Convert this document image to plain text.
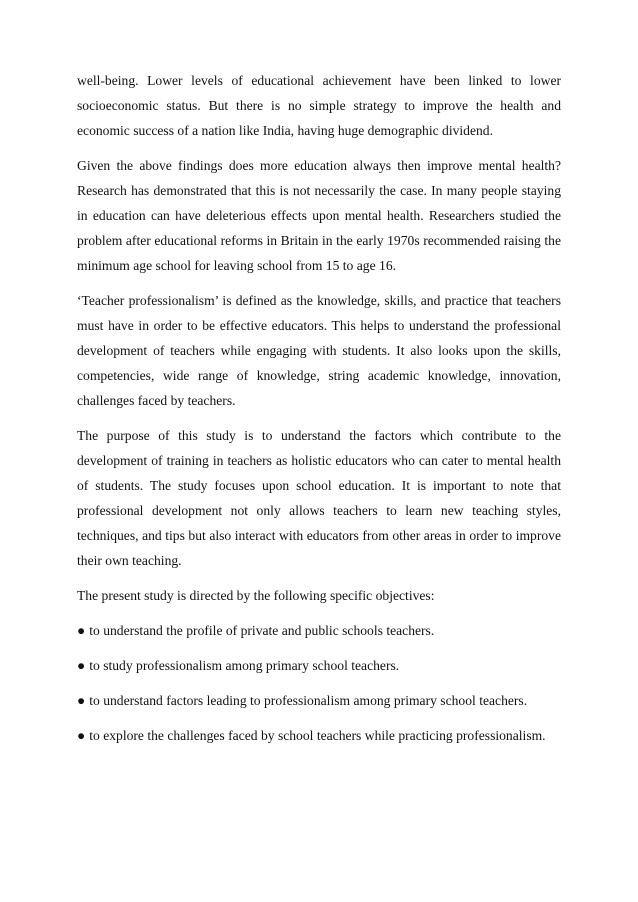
well-being. Lower levels of educational achievement have been linked to lower socioeconomic status. But there is no simple strategy to improve the health and economic success of a nation like India, having huge demographic dividend.

Given the above findings does more education always then improve mental health? Research has demonstrated that this is not necessarily the case. In many people staying in education can have deleterious effects upon mental health. Researchers studied the problem after educational reforms in Britain in the early 1970s recommended raising the minimum age school for leaving school from 15 to age 16.

‘Teacher professionalism’ is defined as the knowledge, skills, and practice that teachers must have in order to be effective educators. This helps to understand the professional development of teachers while engaging with students. It also looks upon the skills, competencies, wide range of knowledge, string academic knowledge, innovation, challenges faced by teachers.

The purpose of this study is to understand the factors which contribute to the development of training in teachers as holistic educators who can cater to mental health of students. The study focuses upon school education. It is important to note that professional development not only allows teachers to learn new teaching styles, techniques, and tips but also interact with educators from other areas in order to improve their own teaching.

The present study is directed by the following specific objectives:

● to understand the profile of private and public schools teachers.
● to study professionalism among primary school teachers.
● to understand factors leading to professionalism among primary school teachers.
● to explore the challenges faced by school teachers while practicing professionalism.
